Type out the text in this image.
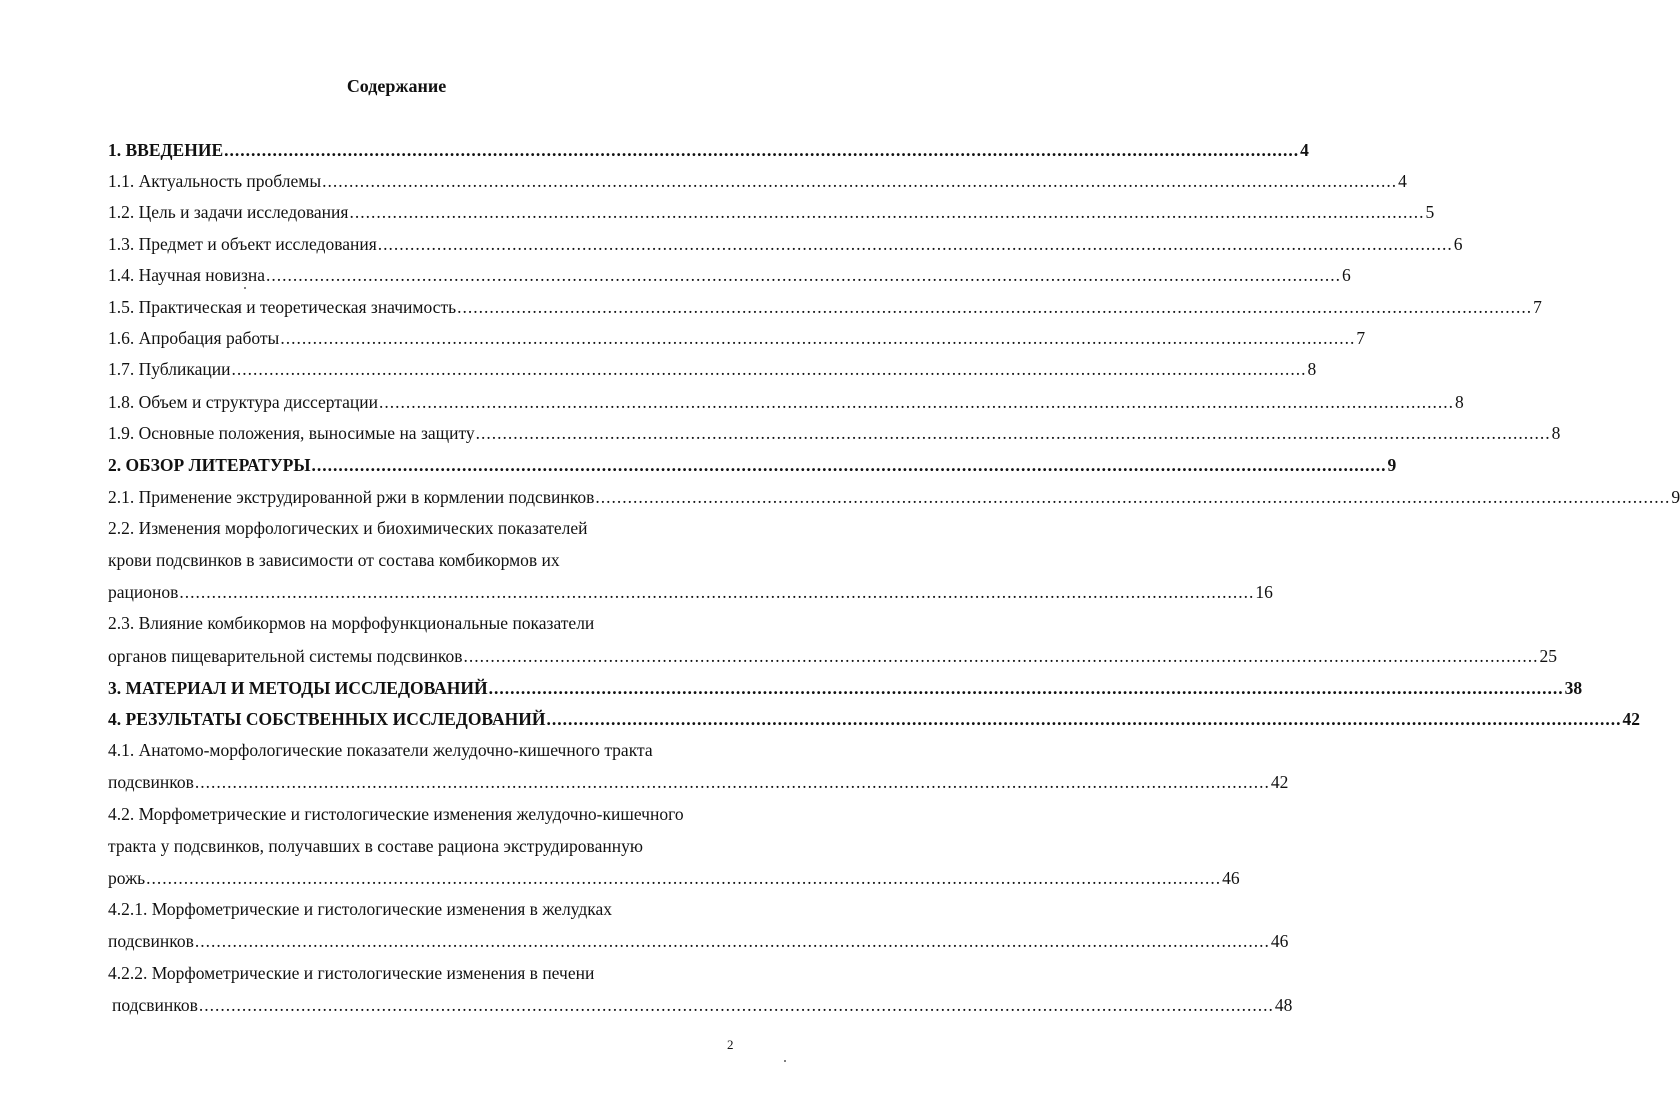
Содержание
1. ВВЕДЕНИЕ ........................................................................................................................................................................................................ 4
1.1. Актуальность проблемы ........................................................................................................................................................................................................ 4
1.2. Цель и задачи исследования ........................................................................................................................................................................................................ 5
1.3. Предмет и объект исследования ........................................................................................................................................................................................................ 6
1.4. Научная новизна ........................................................................................................................................................................................................ 6
1.5. Практическая и теоретическая значимость ........................................................................................................................................................................................................ 7
1.6. Апробация работы ........................................................................................................................................................................................................ 7
1.7. Публикации ........................................................................................................................................................................................................ 8
1.8. Объем и структура диссертации ........................................................................................................................................................................................................ 8
1.9. Основные положения, выносимые на защиту ........................................................................................................................................................................................................ 8
2. ОБЗОР ЛИТЕРАТУРЫ ........................................................................................................................................................................................................ 9
2.1. Применение экструдированной ржи в кормлении подсвинков ........................................................................................................................................................................................................ 9
2.2. Изменения морфологических и биохимических показателей
крови подсвинков в зависимости от состава комбикормов их
рационов ........................................................................................................................................................................................................ 16
2.3. Влияние комбикормов на морфофункциональные показатели
органов пищеварительной системы подсвинков ........................................................................................................................................................................................................ 25
3. МАТЕРИАЛ И МЕТОДЫ ИССЛЕДОВАНИЙ ........................................................................................................................................................................................................ 38
4. РЕЗУЛЬТАТЫ СОБСТВЕННЫХ ИССЛЕДОВАНИЙ ........................................................................................................................................................................................................ 42
4.1. Анатомо-морфологические показатели желудочно-кишечного тракта
подсвинков ........................................................................................................................................................................................................ 42
4.2. Морфометрические и гистологические изменения желудочно-кишечного
тракта у подсвинков, получавших в составе рациона экструдированную
рожь ........................................................................................................................................................................................................ 46
4.2.1. Морфометрические и гистологические изменения в желудках
подсвинков ........................................................................................................................................................................................................ 46
4.2.2. Морфометрические и гистологические изменения в печени
подсвинков ........................................................................................................................................................................................................ 48
2
